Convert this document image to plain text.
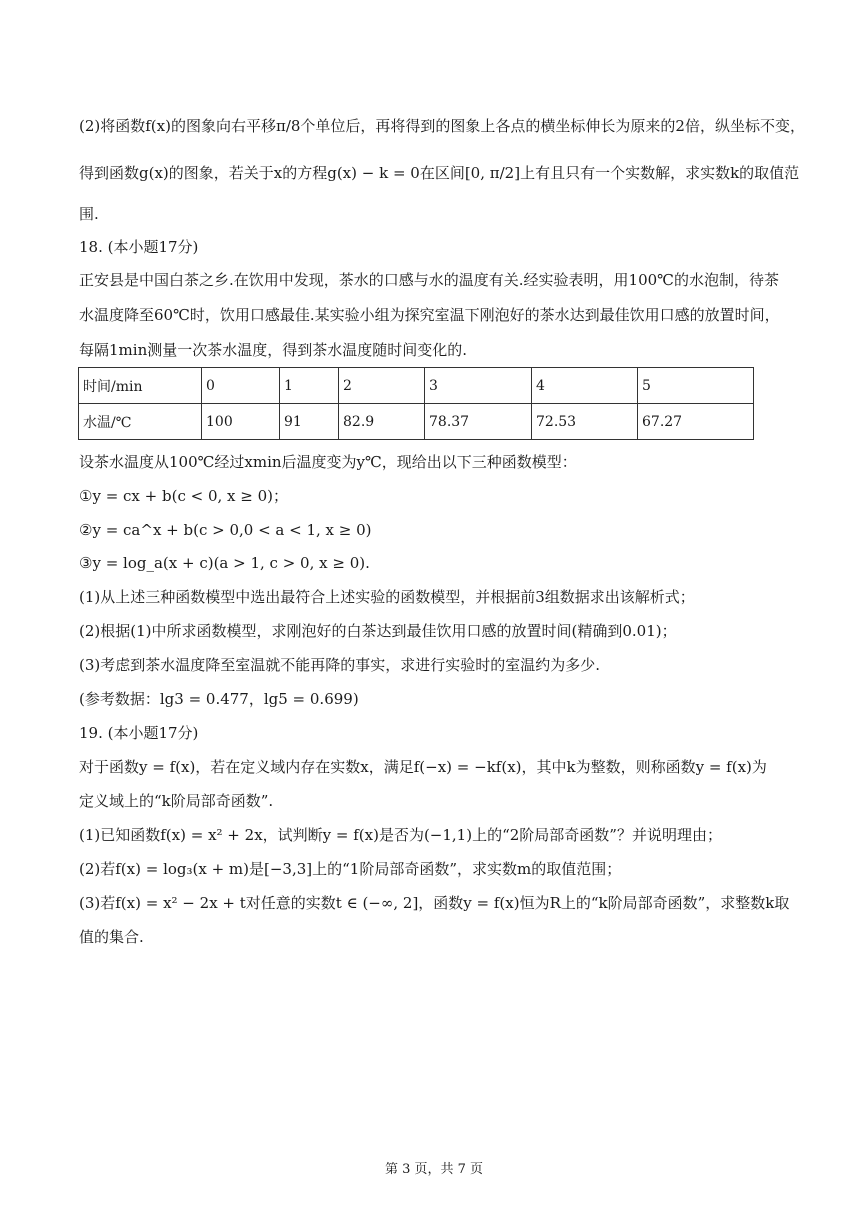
(2)将函数f(x)的图象向右平移π/8个单位后，再将得到的图象上各点的横坐标伸长为原来的2倍，纵坐标不变，
得到函数g(x)的图象，若关于x的方程g(x) − k = 0在区间[0, π/2]上有且只有一个实数解，求实数k的取值范
围.
18. (本小题17分)
正安县是中国白茶之乡.在饮用中发现，茶水的口感与水的温度有关.经实验表明，用100℃的水泡制，待茶
水温度降至60℃时，饮用口感最佳.某实验小组为探究室温下刚泡好的茶水达到最佳饮用口感的放置时间，
每隔1min测量一次茶水温度，得到茶水温度随时间变化的.
时间/min	0	1	2	3	4	5
水温/℃	100	91	82.9	78.37	72.53	67.27
设茶水温度从100℃经过xmin后温度变为y℃，现给出以下三种函数模型：
①y = cx + b(c < 0, x ≥ 0)；
②y = ca^x + b(c > 0,0 < a < 1, x ≥ 0)
③y = log_a(x + c)(a > 1, c > 0, x ≥ 0).
(1)从上述三种函数模型中选出最符合上述实验的函数模型，并根据前3组数据求出该解析式；
(2)根据(1)中所求函数模型，求刚泡好的白茶达到最佳饮用口感的放置时间(精确到0.01)；
(3)考虑到茶水温度降至室温就不能再降的事实，求进行实验时的室温约为多少.
(参考数据：lg3 = 0.477，lg5 = 0.699)
19. (本小题17分)
对于函数y = f(x)，若在定义域内存在实数x，满足f(−x) = −kf(x)，其中k为整数，则称函数y = f(x)为
定义域上的“k阶局部奇函数”.
(1)已知函数f(x) = x² + 2x，试判断y = f(x)是否为(−1,1)上的“2阶局部奇函数”？并说明理由；
(2)若f(x) = log₃(x + m)是[−3,3]上的“1阶局部奇函数”，求实数m的取值范围；
(3)若f(x) = x² − 2x + t对任意的实数t ∈ (−∞, 2]，函数y = f(x)恒为R上的“k阶局部奇函数”，求整数k取
值的集合.
第 3 页，共 7 页
